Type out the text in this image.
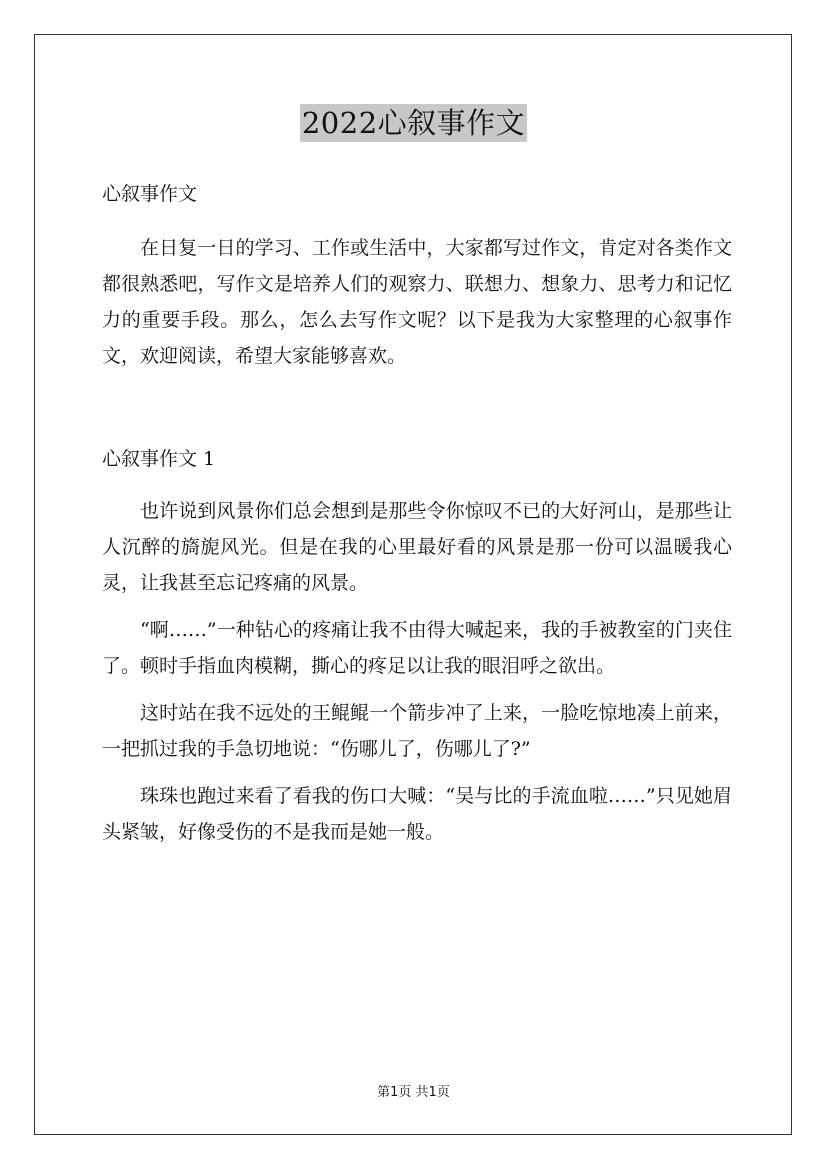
2022心叙事作文

心叙事作文

在日复一日的学习、工作或生活中，大家都写过作文，肯定对各类作文都很熟悉吧，写作文是培养人们的观察力、联想力、想象力、思考力和记忆力的重要手段。那么，怎么去写作文呢？以下是我为大家整理的心叙事作文，欢迎阅读，希望大家能够喜欢。

心叙事作文 1

也许说到风景你们总会想到是那些令你惊叹不已的大好河山，是那些让人沉醉的旖旎风光。但是在我的心里最好看的风景是那一份可以温暖我心灵，让我甚至忘记疼痛的风景。

“啊……”一种钻心的疼痛让我不由得大喊起来，我的手被教室的门夹住了。顿时手指血肉模糊，撕心的疼足以让我的眼泪呼之欲出。

这时站在我不远处的王鲲鲲一个箭步冲了上来，一脸吃惊地凑上前来，一把抓过我的手急切地说：“伤哪儿了，伤哪儿了?”

珠珠也跑过来看了看我的伤口大喊：“吴与比的手流血啦……”只见她眉头紧皱，好像受伤的不是我而是她一般。

第1页 共1页
